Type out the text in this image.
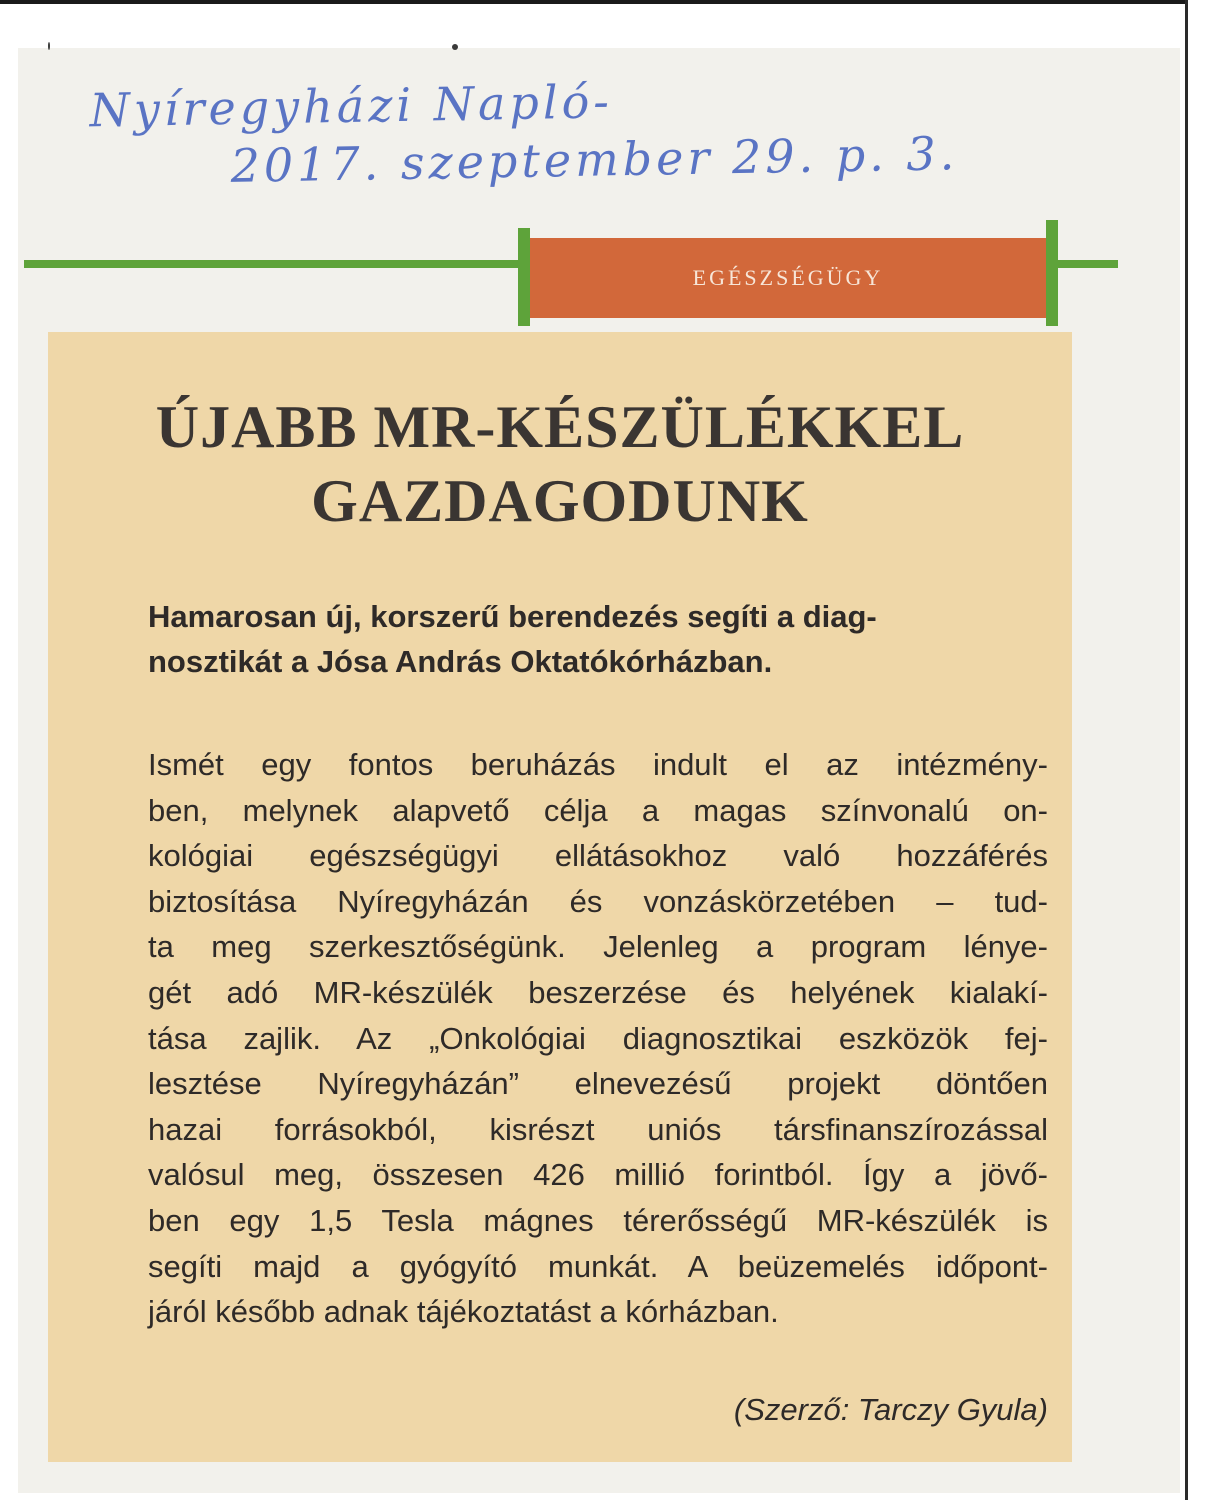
Nyíregyházi Napló-
2017. szeptember 29. p. 3.
EGÉSZSÉGÜGY
ÚJABB MR-KÉSZÜLÉKKEL
GAZDAGODUNK
Hamarosan új, korszerű berendezés segíti a diag-
nosztikát a Jósa András Oktatókórházban.
Ismét egy fontos beruházás indult el az intézmény-
ben, melynek alapvető célja a magas színvonalú on-
kológiai egészségügyi ellátásokhoz való hozzáférés
biztosítása Nyíregyházán és vonzáskörzetében – tud-
ta meg szerkesztőségünk. Jelenleg a program lénye-
gét adó MR-készülék beszerzése és helyének kialakí-
tása zajlik. Az „Onkológiai diagnosztikai eszközök fej-
lesztése Nyíregyházán” elnevezésű projekt döntően
hazai forrásokból, kisrészt uniós társfinanszírozással
valósul meg, összesen 426 millió forintból. Így a jövő-
ben egy 1,5 Tesla mágnes térerősségű MR-készülék is
segíti majd a gyógyító munkát. A beüzemelés időpont-
járól később adnak tájékoztatást a kórházban.
(Szerző: Tarczy Gyula)
